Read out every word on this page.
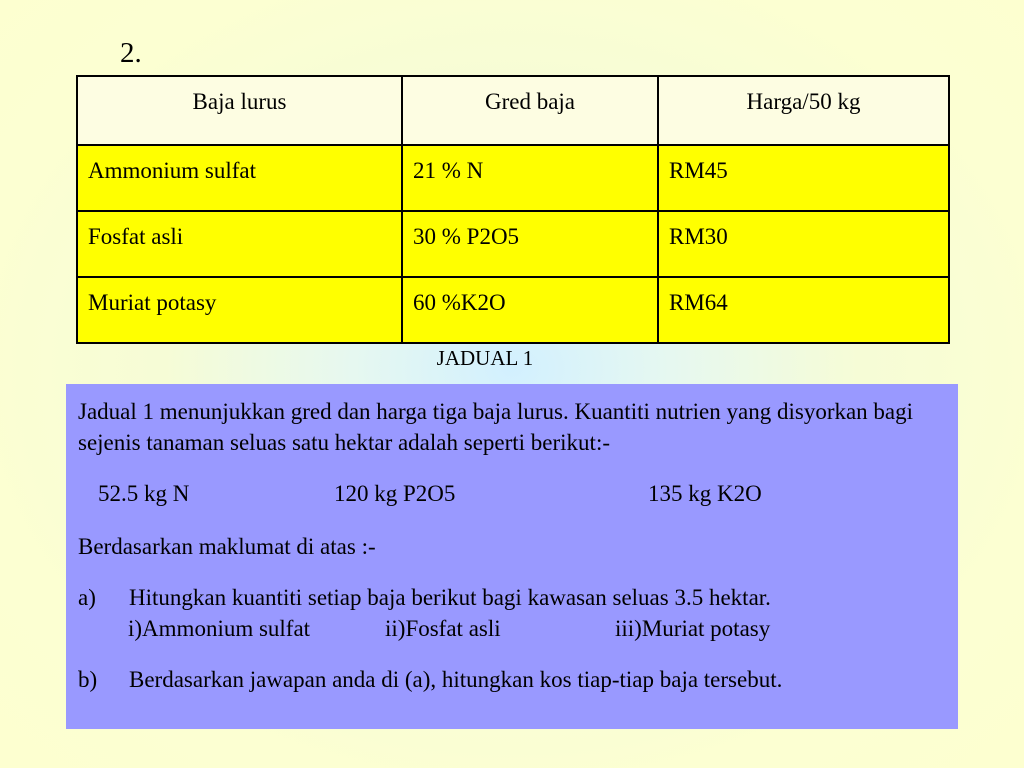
2.
Baja lurus	Gred baja	Harga/50 kg
Ammonium sulfat	21 % N	RM45
Fosfat asli	30 % P2O5	RM30
Muriat potasy	60 %K2O	RM64
JADUAL 1

Jadual 1 menunjukkan gred dan harga tiga baja lurus. Kuantiti nutrien yang disyorkan bagi sejenis tanaman seluas satu hektar adalah seperti berikut:-

52.5 kg N	120 kg P2O5	135 kg K2O

Berdasarkan maklumat di atas :-

a) Hitungkan kuantiti setiap baja berikut bagi kawasan seluas 3.5 hektar.
i)Ammonium sulfat	ii)Fosfat asli	iii)Muriat potasy
b) Berdasarkan jawapan anda di (a), hitungkan kos tiap-tiap baja tersebut.
